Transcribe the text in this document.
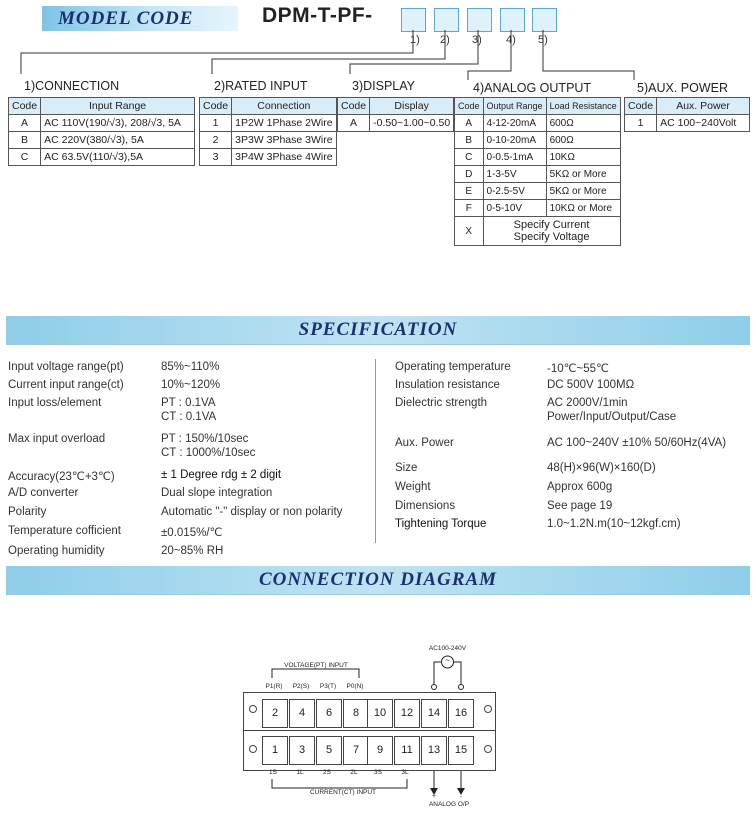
MODEL CODE	DPM-T-PF-
1) 2) 3) 4) 5)
1)CONNECTION	2)RATED INPUT	3)DISPLAY	4)ANALOG OUTPUT	5)AUX. POWER
Code	Input Range
A	AC 110V(190/√3), 208/√3, 5A
B	AC 220V(380/√3), 5A
C	AC 63.5V(110/√3),5A
Code	Connection
1	1P2W 1Phase 2Wire
2	3P3W 3Phase 3Wire
3	3P4W 3Phase 4Wire
Code	Display
A	-0.50~1.00~0.50
Code	Output Range	Load Resistance
A	4-12-20mA	600Ω
B	0-10-20mA	600Ω
C	0-0.5-1mA	10KΩ
D	1-3-5V	5KΩ or More
E	0-2.5-5V	5KΩ or More
F	0-5-10V	10KΩ or More
X	Specify Current
Specify Voltage	
Code	Aux. Power
1	AC 100~240Volt
SPECIFICATION
Input voltage range(pt)	85%~110%
Current input range(ct)	10%~120%
Input loss/element	PT : 0.1VA
CT : 0.1VA
Max input overload	PT : 150%/10sec
CT : 1000%/10sec
Accuracy(23℃+3℃)	± 1 Degree rdg ± 2 digit
A/D converter	Dual slope integration
Polarity	Automatic "-" display or non polarity
Temperature cofficient	±0.015%/℃
Operating humidity	20~85% RH
Operating temperature	-10℃~55℃
Insulation resistance	DC 500V 100MΩ
Dielectric strength	AC 2000V/1min
Power/Input/Output/Case
Aux. Power	AC 100~240V ±10% 50/60Hz(4VA)
Size	48(H)×96(W)×160(D)
Weight	Approx 600g
Dimensions	See page 19
Tightening Torque	1.0~1.2N.m(10~12kgf.cm)
CONNECTION DIAGRAM
VOLTAGE(PT) INPUT
CURRENT(CT) INPUT
AC100-240V
~
ANALOG O/P
+	-
P1(R)	P2(S)	P3(T)	P0(N)
2	4	6	8	10	12	14	16
1	3	5	7	9	11	13	15
1S	1L	2S	2L	3S	3L
